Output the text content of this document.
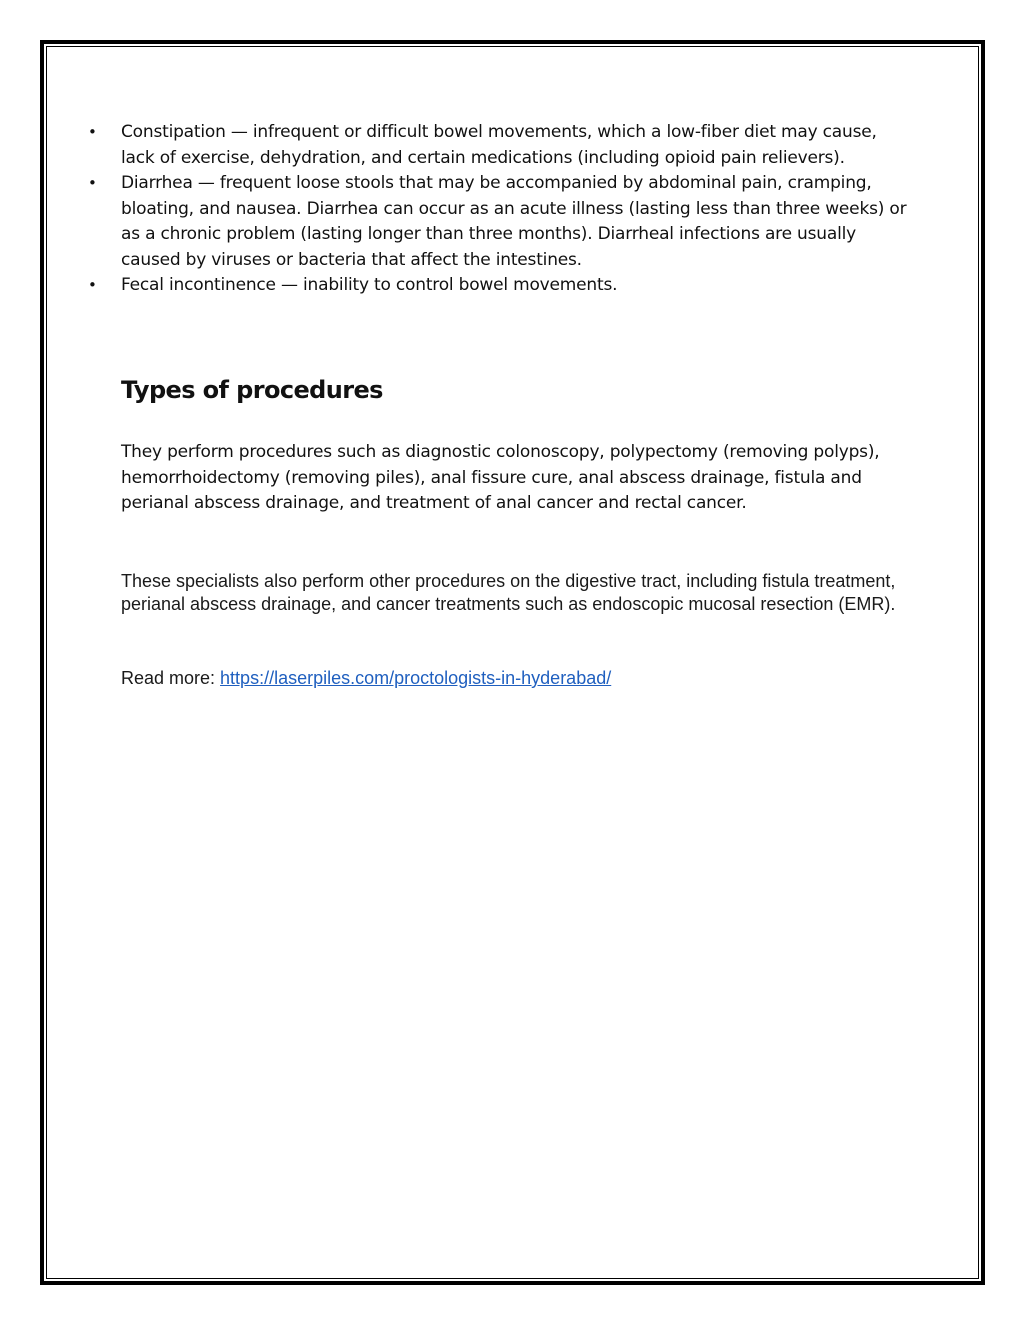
• Constipation — infrequent or difficult bowel movements, which a low-fiber diet may cause, lack of exercise, dehydration, and certain medications (including opioid pain relievers).
• Diarrhea — frequent loose stools that may be accompanied by abdominal pain, cramping, bloating, and nausea. Diarrhea can occur as an acute illness (lasting less than three weeks) or as a chronic problem (lasting longer than three months). Diarrheal infections are usually caused by viruses or bacteria that affect the intestines.
• Fecal incontinence — inability to control bowel movements.
Types of procedures

They perform procedures such as diagnostic colonoscopy, polypectomy (removing polyps), hemorrhoidectomy (removing piles), anal fissure cure, anal abscess drainage, fistula and perianal abscess drainage, and treatment of anal cancer and rectal cancer.

These specialists also perform other procedures on the digestive tract, including fistula treatment, perianal abscess drainage, and cancer treatments such as endoscopic mucosal resection (EMR).

Read more: https://laserpiles.com/proctologists-in-hyderabad/
